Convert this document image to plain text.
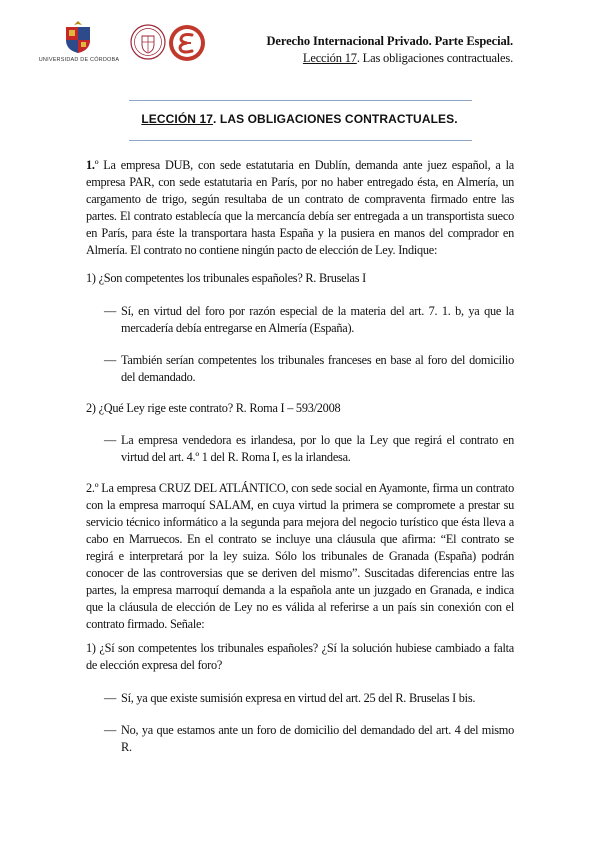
UNIVERSIDAD DE CÓRDOBA
Derecho Internacional Privado. Parte Especial.
Lección 17. Las obligaciones contractuales.
LECCIÓN 17. LAS OBLIGACIONES CONTRACTUALES.
1.º La empresa DUB, con sede estatutaria en Dublín, demanda ante juez español, a la empresa PAR, con sede estatutaria en París, por no haber entregado ésta, en Almería, un cargamento de trigo, según resultaba de un contrato de compraventa firmado entre las partes. El contrato establecía que la mercancía debía ser entregada a un transportista sueco en París, para éste la transportara hasta España y la pusiera en manos del comprador en Almería. El contrato no contiene ningún pacto de elección de Ley. Indique:
1) ¿Son competentes los tribunales españoles? R. Bruselas I
— Sí, en virtud del foro por razón especial de la materia del art. 7. 1. b, ya que la mercadería debía entregarse en Almería (España).
— También serían competentes los tribunales franceses en base al foro del domicilio del demandado.
2) ¿Qué Ley rige este contrato? R. Roma I – 593/2008
— La empresa vendedora es irlandesa, por lo que la Ley que regirá el contrato en virtud del art. 4.º 1 del R. Roma I, es la irlandesa.
2.º La empresa CRUZ DEL ATLÁNTICO, con sede social en Ayamonte, firma un contrato con la empresa marroquí SALAM, en cuya virtud la primera se compromete a prestar su servicio técnico informático a la segunda para mejora del negocio turístico que ésta lleva a cabo en Marruecos. En el contrato se incluye una cláusula que afirma: “El contrato se regirá e interpretará por la ley suiza. Sólo los tribunales de Granada (España) podrán conocer de las controversias que se deriven del mismo”. Suscitadas diferencias entre las partes, la empresa marroquí demanda a la española ante un juzgado en Granada, e indica que la cláusula de elección de Ley no es válida al referirse a un país sin conexión con el contrato firmado. Señale:
1) ¿Sí son competentes los tribunales españoles? ¿Sí la solución hubiese cambiado a falta de elección expresa del foro?
— Sí, ya que existe sumisión expresa en virtud del art. 25 del R. Bruselas I bis.
— No, ya que estamos ante un foro de domicilio del demandado del art. 4 del mismo R.
